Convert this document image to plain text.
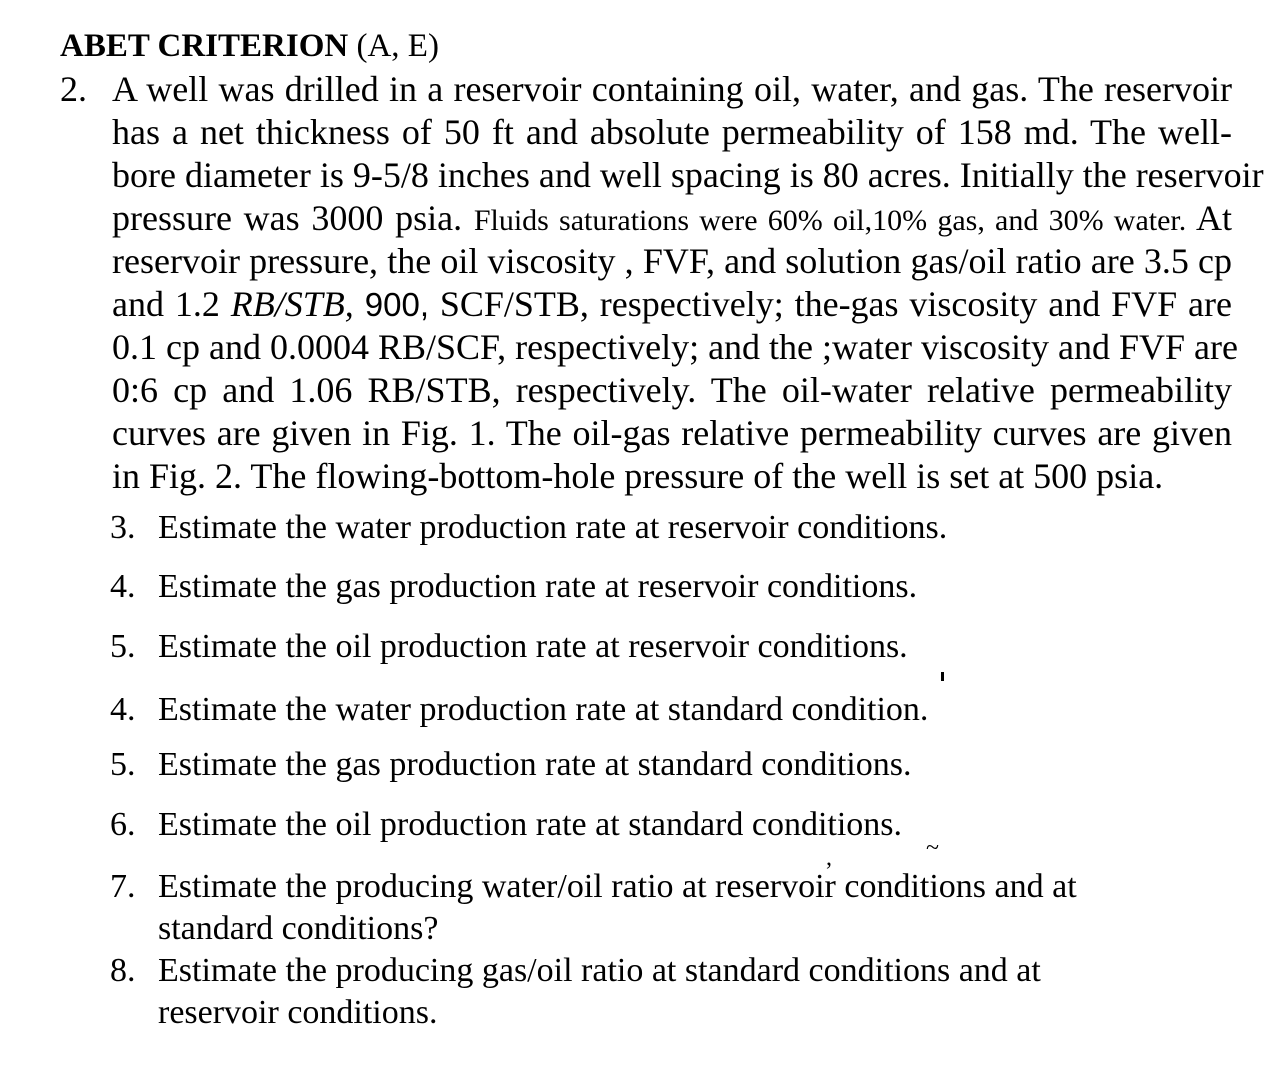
ABET CRITERION (A, E)
2. A well was drilled in a reservoir containing oil, water, and gas. The reservoir
has a net thickness of 50 ft and absolute permeability of 158 md. The well-
bore diameter is 9-5/8 inches and well spacing is 80 acres. Initially the reservoir
pressure was 3000 psia. Fluids saturations were 60% oil,10% gas, and 30% water. At
reservoir pressure, the oil viscosity , FVF, and solution gas/oil ratio are 3.5 cp
and 1.2 RB/STB, 900, SCF/STB, respectively; the-gas viscosity and FVF are
0.1 cp and 0.0004 RB/SCF, respectively; and the ;water viscosity and FVF are
0:6 cp and 1.06 RB/STB, respectively. The oil-water relative permeability
curves are given in Fig. 1. The oil-gas relative permeability curves are given
in Fig. 2. The flowing-bottom-hole pressure of the well is set at 500 psia.
3. Estimate the water production rate at reservoir conditions.
4. Estimate the gas production rate at reservoir conditions.
5. Estimate the oil production rate at reservoir conditions.
4. Estimate the water production rate at standard condition.
5. Estimate the gas production rate at standard conditions.
6. Estimate the oil production rate at standard conditions.
7. Estimate the producing water/oil ratio at reservoir conditions and at
standard conditions?
8. Estimate the producing gas/oil ratio at standard conditions and at
reservoir conditions.
,	~
